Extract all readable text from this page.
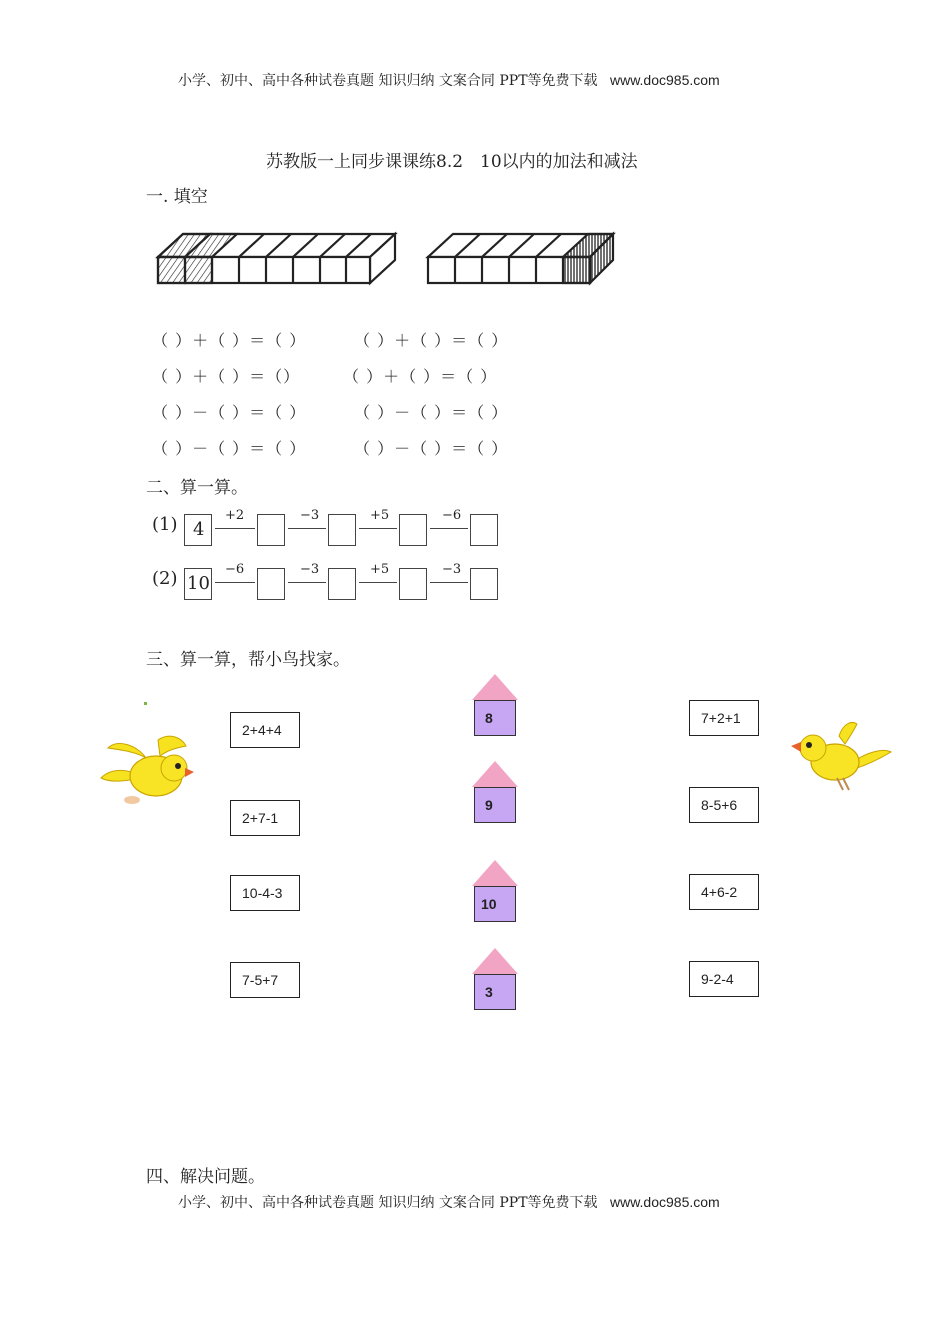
小学、初中、高中各种试卷真题 知识归纳 文案合同 PPT等免费下载 www.doc985.com
苏教版一上同步课课练8.2　10以内的加法和减法
一. 填空
（ ）＋（ ）＝（ ）	（ ）＋（ ）＝（ ）
（ ）＋（ ）＝（）	（ ）＋（ ）＝（ ）
（ ）－（ ）＝（ ）	（ ）－（ ）＝（ ）
（ ）－（ ）＝（ ）	（ ）－（ ）＝（ ）
二、算一算。
(1) 4
+2	−3	+5	−6
(2) 10
−6	−3	+5	−3
三、算一算，帮小鸟找家。
2+4+4
2+7-1
10-4-3
7-5+7
8
9
10
3
7+2+1
8-5+6
4+6-2
9-2-4
四、解决问题。
小学、初中、高中各种试卷真题 知识归纳 文案合同 PPT等免费下载 www.doc985.com
